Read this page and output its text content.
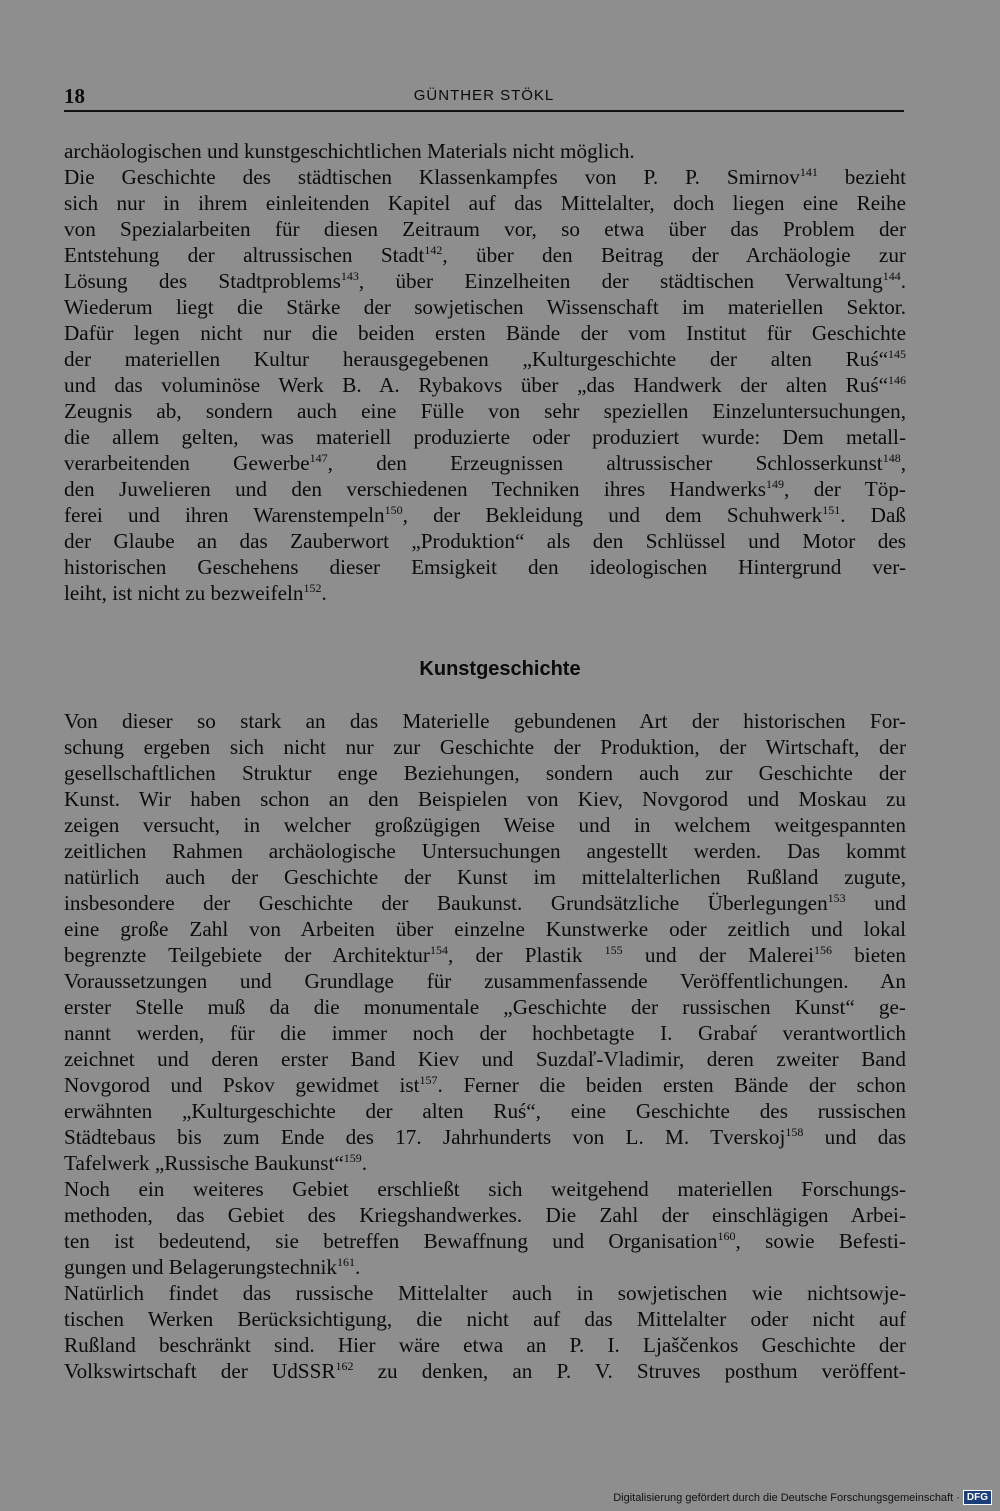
18	GÜNTHER STÖKL
archäologischen und kunstgeschichtlichen Materials nicht möglich.
Die Geschichte des städtischen Klassenkampfes von P. P. Smirnov$^{141}$ bezieht
sich nur in ihrem einleitenden Kapitel auf das Mittelalter, doch liegen eine Reihe
von Spezialarbeiten für diesen Zeitraum vor, so etwa über das Problem der
Entstehung der altrussischen Stadt$^{142}$, über den Beitrag der Archäologie zur
Lösung des Stadtproblems$^{143}$, über Einzelheiten der städtischen Verwaltung$^{144}$.
Wiederum liegt die Stärke der sowjetischen Wissenschaft im materiellen Sektor.
Dafür legen nicht nur die beiden ersten Bände der vom Institut für Geschichte
der materiellen Kultur herausgegebenen „Kulturgeschichte der alten Ruś“$^{145}$
und das voluminöse Werk B. A. Rybakovs über „das Handwerk der alten Ruś“$^{146}$
Zeugnis ab, sondern auch eine Fülle von sehr speziellen Einzeluntersuchungen,
die allem gelten, was materiell produzierte oder produziert wurde: Dem metall-
verarbeitenden Gewerbe$^{147}$, den Erzeugnissen altrussischer Schlosserkunst$^{148}$,
den Juwelieren und den verschiedenen Techniken ihres Handwerks$^{149}$, der Töp-
ferei und ihren Warenstempeln$^{150}$, der Bekleidung und dem Schuhwerk$^{151}$. Daß
der Glaube an das Zauberwort „Produktion“ als den Schlüssel und Motor des
historischen Geschehens dieser Emsigkeit den ideologischen Hintergrund ver-
leiht, ist nicht zu bezweifeln$^{152}$.
Kunstgeschichte
Von dieser so stark an das Materielle gebundenen Art der historischen For-
schung ergeben sich nicht nur zur Geschichte der Produktion, der Wirtschaft, der
gesellschaftlichen Struktur enge Beziehungen, sondern auch zur Geschichte der
Kunst. Wir haben schon an den Beispielen von Kiev, Novgorod und Moskau zu
zeigen versucht, in welcher großzügigen Weise und in welchem weitgespannten
zeitlichen Rahmen archäologische Untersuchungen angestellt werden. Das kommt
natürlich auch der Geschichte der Kunst im mittelalterlichen Rußland zugute,
insbesondere der Geschichte der Baukunst. Grundsätzliche Überlegungen$^{153}$ und
eine große Zahl von Arbeiten über einzelne Kunstwerke oder zeitlich und lokal
begrenzte Teilgebiete der Architektur$^{154}$, der Plastik $^{155}$ und der Malerei$^{156}$ bieten
Voraussetzungen und Grundlage für zusammenfassende Veröffentlichungen. An
erster Stelle muß da die monumentale „Geschichte der russischen Kunst“ ge-
nannt werden, für die immer noch der hochbetagte I. Grabaŕ verantwortlich
zeichnet und deren erster Band Kiev und Suzdaľ-Vladimir, deren zweiter Band
Novgorod und Pskov gewidmet ist$^{157}$. Ferner die beiden ersten Bände der schon
erwähnten „Kulturgeschichte der alten Ruś“, eine Geschichte des russischen
Städtebaus bis zum Ende des 17. Jahrhunderts von L. M. Tverskoj$^{158}$ und das
Tafelwerk „Russische Baukunst“$^{159}$.
Noch ein weiteres Gebiet erschließt sich weitgehend materiellen Forschungs-
methoden, das Gebiet des Kriegshandwerkes. Die Zahl der einschlägigen Arbei-
ten ist bedeutend, sie betreffen Bewaffnung und Organisation$^{160}$, sowie Befesti-
gungen und Belagerungstechnik$^{161}$.
Natürlich findet das russische Mittelalter auch in sowjetischen wie nichtsowje-
tischen Werken Berücksichtigung, die nicht auf das Mittelalter oder nicht auf
Rußland beschränkt sind. Hier wäre etwa an P. I. Ljaščenkos Geschichte der
Volkswirtschaft der UdSSR$^{162}$ zu denken, an P. V. Struves posthum veröffent-
Digitalisierung gefördert durch die Deutsche Forschungsgemeinschaft · DFG
